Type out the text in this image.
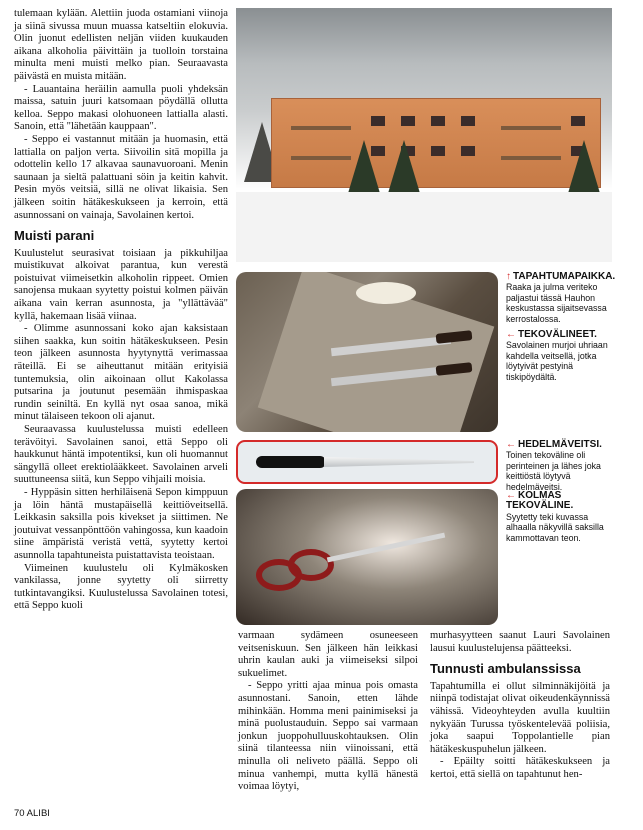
tulemaan kylään. Alettiin juoda ostamiani viinoja ja siinä sivussa muun muassa katseltiin elokuvia. Olin juonut edellisten neljän viiden kuukauden aikana alkoholia päivittäin ja tuolloin torstaina minulta meni muisti melko pian. Seuraavasta päivästä en muista mitään.

- Lauantaina heräilin aamulla puoli yhdeksän maissa, satuin juuri katsomaan pöydällä ollutta kelloa. Seppo makasi olohuoneen lattialla alasti. Sanoin, että "lähetään kauppaan".

- Seppo ei vastannut mitään ja huomasin, että lattialla on paljon verta. Siivoilin sitä mopilla ja odottelin kello 17 alkavaa saunavuoroani. Menin saunaan ja sieltä palattuani söin ja keitin kahvit. Pesin myös veitsiä, sillä ne olivat likaisia. Sen jälkeen soitin hätäkeskukseen ja kerroin, että asunnossani on vainaja, Savolainen kertoi.

Muisti parani

Kuulustelut seurasivat toisiaan ja pikkuhiljaa muistikuvat alkoivat parantua, kun verestä poistuivat viimeisetkin alkoholin rippeet. Omien sanojensa mukaan syytetty poistui kolmen päivän aikana vain kerran asunnosta, ja "yllättävää" kyllä, hakemaan lisää viinaa.

- Olimme asunnossani koko ajan kaksistaan siihen saakka, kun soitin hätäkeskukseen. Pesin teon jälkeen asunnosta hyytynyttä verimassaa räteillä. Ei se aiheuttanut mitään erityisiä tuntemuksia, olin aikoinaan ollut Kakolassa putsarina ja joutunut pesemään ihmispaskaa rundin seiniltä. En kyllä nyt osaa sanoa, mikä minut tälaiseen tekoon oli ajanut.

Seuraavassa kuulustelussa muisti edelleen terävöityi. Savolainen sanoi, että Seppo oli haukkunut häntä impotentiksi, kun oli huomannut sängyllä olleet erektiolääkkeet. Savolainen arveli suuttuneensa siitä, kun Seppo vihjaili moisia.

- Hyppäsin sitten herhiläisenä Sepon kimppuun ja löin häntä mustapäisellä keittiöveitsellä. Leikkasin saksilla pois kivekset ja siittimen. Ne joutuivat vessanpönttöön vahingossa, kun kaadoin siine ämpäristä veristä vettä, syytetty kertoi asunnolla tapahtuneista puistattavista teoistaan.

Viimeinen kuulustelu oli Kylmäkosken vankilassa, jonne syytetty oli siirretty tutkintavangiksi. Kuulustelussa Savolainen totesi, että Seppo kuoli

↑ TAPAHTUMAPAIKKA.
Raaka ja julma veriteko paljastui tässä Hauhon keskustassa sijaitsevassa kerrostalossa.
← TEKOVÄLINEET.
Savolainen murjoi uhriaan kahdella veitsellä, jotka löytyivät pestyinä tiskipöydältä.
← HEDELMÄVEITSI.
Toinen tekoväline oli perinteinen ja lähes joka keittiöstä löytyvä hedelmäveitsi.
← KOLMAS TEKOVÄLINE.
Syytetty teki kuvassa alhaalla näkyvillä saksilla kammottavan teon.

varmaan sydämeen osuneeseen veitseniskuun. Sen jälkeen hän leikkasi uhrin kaulan auki ja viimeiseksi silpoi sukuelimet.

- Seppo yritti ajaa minua pois omasta asunnostani. Sanoin, etten lähde mihinkään. Homma meni painimiseksi ja minä puolustauduin. Seppo sai varmaan jonkun juoppohulluuskohtauksen. Olin siinä tilanteessa niin viinoissani, että minulla oli neliveto päällä. Seppo oli minua vanhempi, mutta kyllä hänestä voimaa löytyi,

murhasyytteen saanut Lauri Savolainen lausui kuulustelujensa päätteeksi.

Tunnusti ambulanssissa

Tapahtumilla ei ollut silminnäkijöitä ja niinpä todistajat olivat oikeudenkäynnissä vähissä. Videoyhteyden avulla kuultiin nykyään Turussa työskentelevää poliisia, joka saapui Toppolantielle pian hätäkeskuspuhelun jälkeen.

- Epäilty soitti hätäkeskukseen ja kertoi, että siellä on tapahtunut hen-

70 ALIBI
